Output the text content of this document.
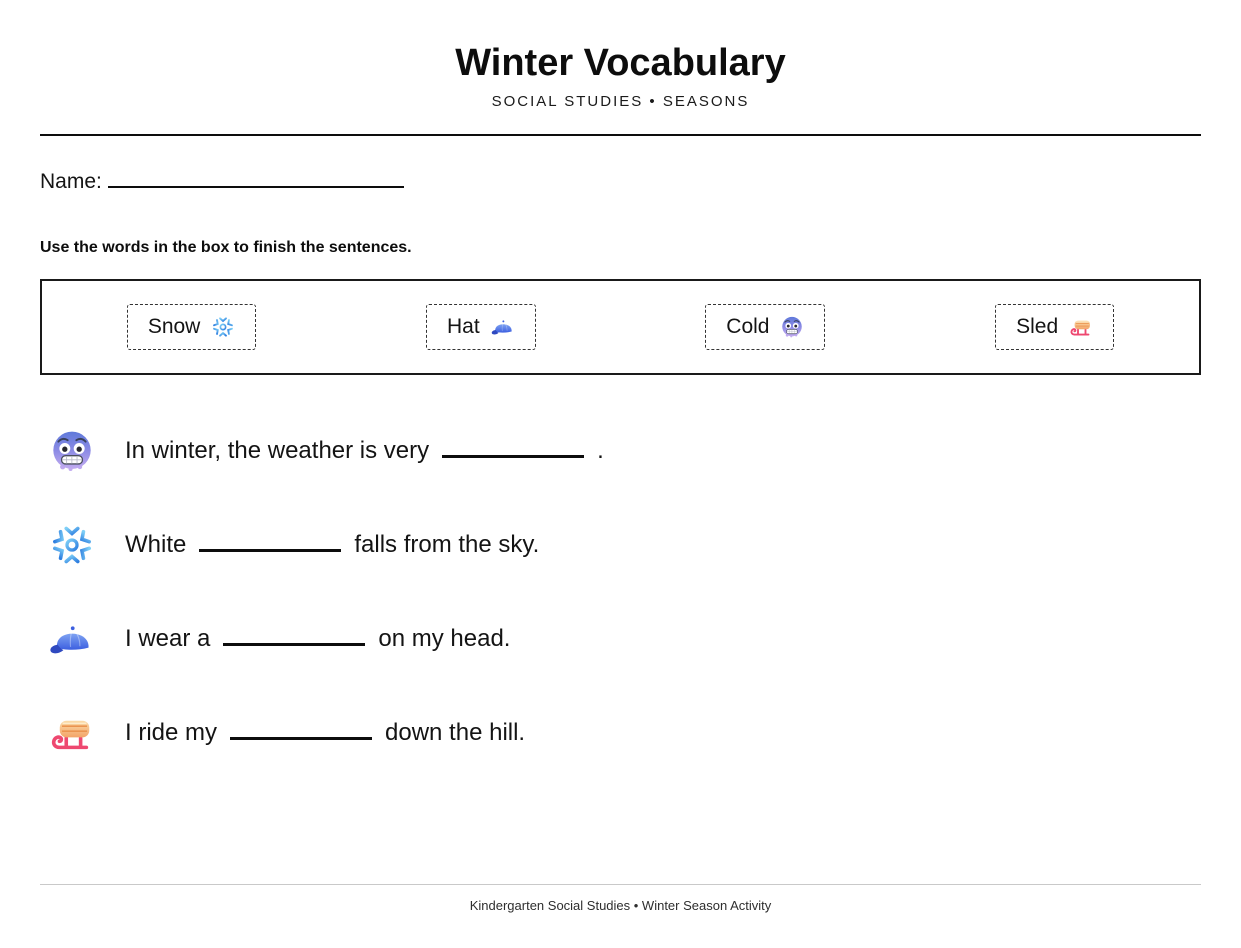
Winter Vocabulary
SOCIAL STUDIES • SEASONS
Name:
Use the words in the box to finish the sentences.
Snow	Hat	Cold	Sled
In winter, the weather is very	.
White	falls from the sky.
I wear a	on my head.
I ride my	down the hill.
Kindergarten Social Studies • Winter Season Activity
